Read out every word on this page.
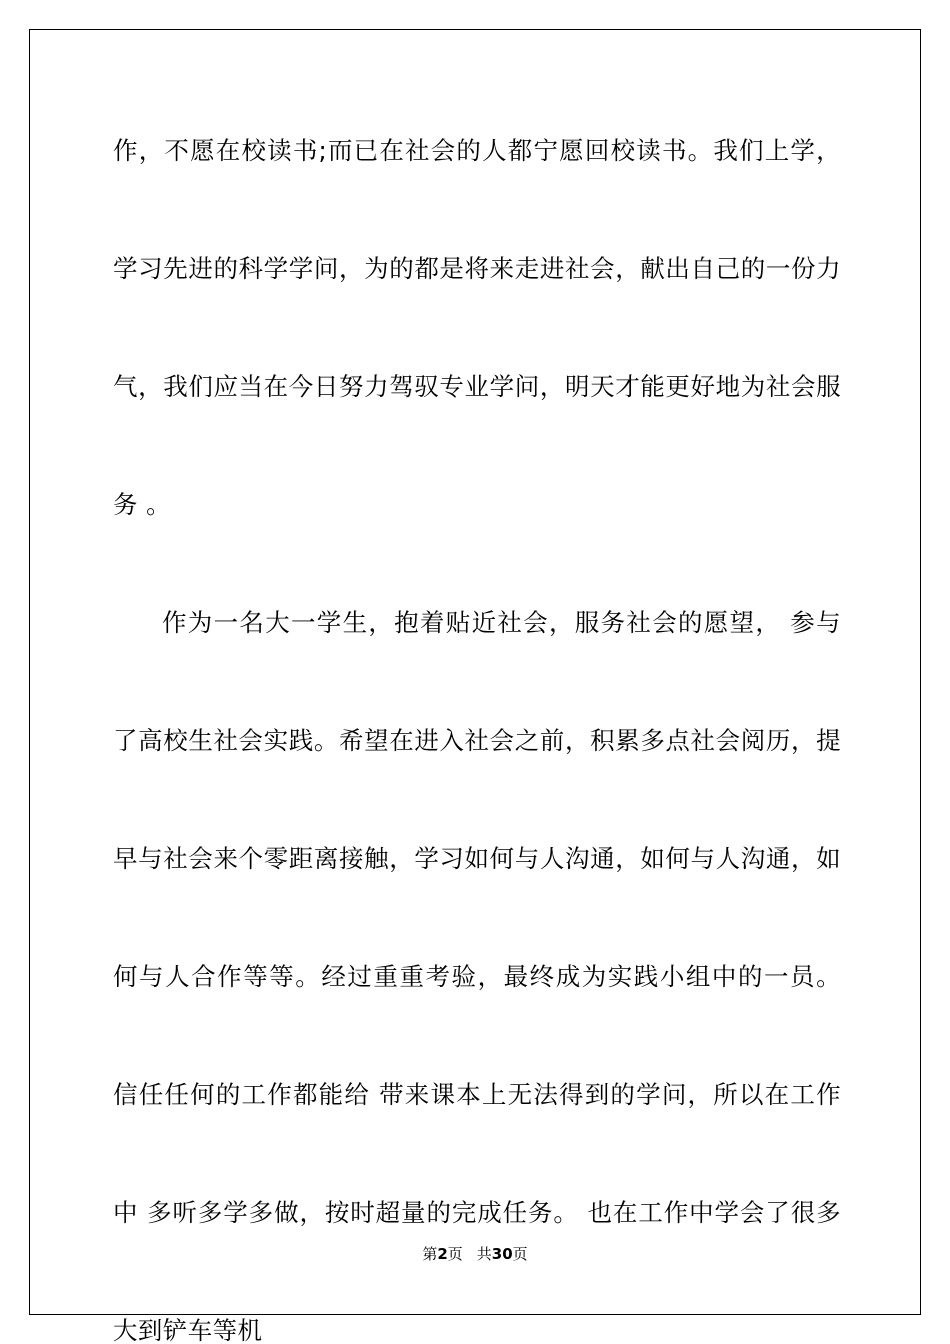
作，不愿在校读书;而已在社会的人都宁愿回校读书。我们上学，学习先进的科学学问，为的都是将来走进社会，献出自己的一份力气，我们应当在今日努力驾驭专业学问，明天才能更好地为社会服务 。

作为一名大一学生，抱着贴近社会，服务社会的愿望， 参与了高校生社会实践。希望在进入社会之前，积累多点社会阅历，提早与社会来个零距离接触，学习如何与人沟通，如何与人沟通，如何与人合作等等。经过重重考验，最终成为实践小组中的一员。 信任任何的工作都能给 带来课本上无法得到的学问，所以在工作中 多听多学多做，按时超量的完成任务。 也在工作中学会了很多大到铲车等机

第2页 共30页
